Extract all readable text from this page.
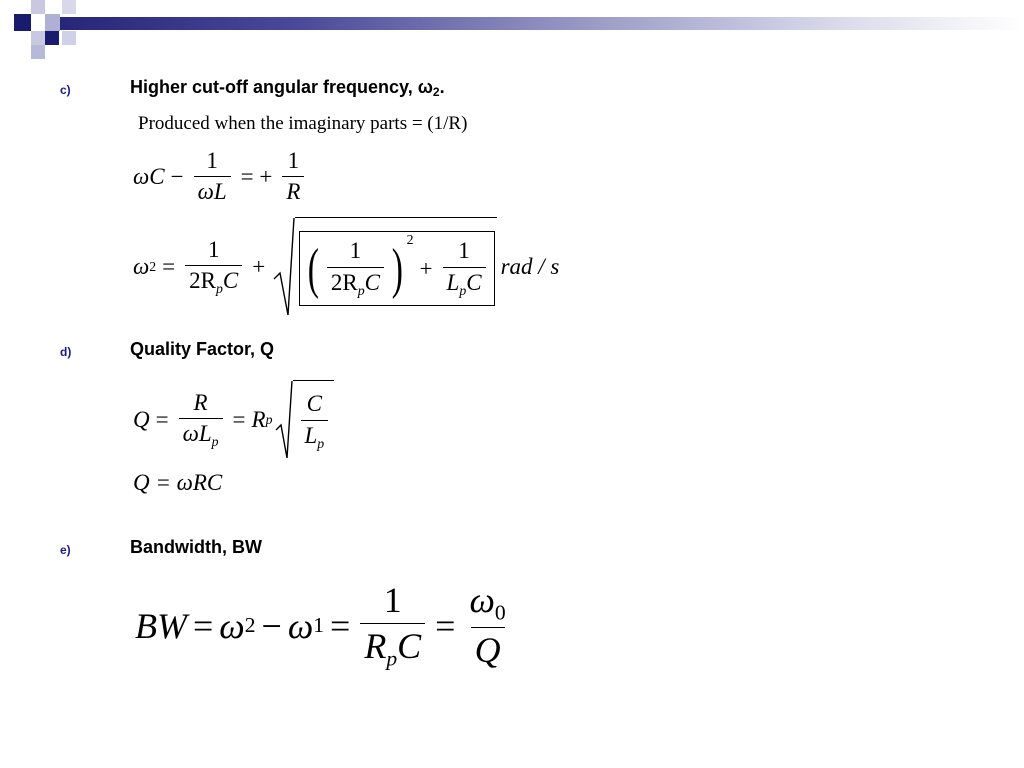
c)	Higher cut-off angular frequency, $\omega_2$.
Produced when the imaginary parts = (1/R)
$\omega C - \frac{1}{\omega L}$ = + $\frac{1}{R}$
ω $2 = \frac{1}{2R_pC}$ + ( $\frac{1}{2R_pC}$ ) 2
+ $\frac{1}{L_pC}$ rad / s
d)	Quality Factor, Q
$Q = \frac{R}{\omega L_p} = R$ p $\frac{C}{L_p}$
Q = ωRC
e)	Bandwidth, BW
BW = ω 2 − ω $1 = \frac{1}{R_pC} = \frac{\omega_0}{Q}$
